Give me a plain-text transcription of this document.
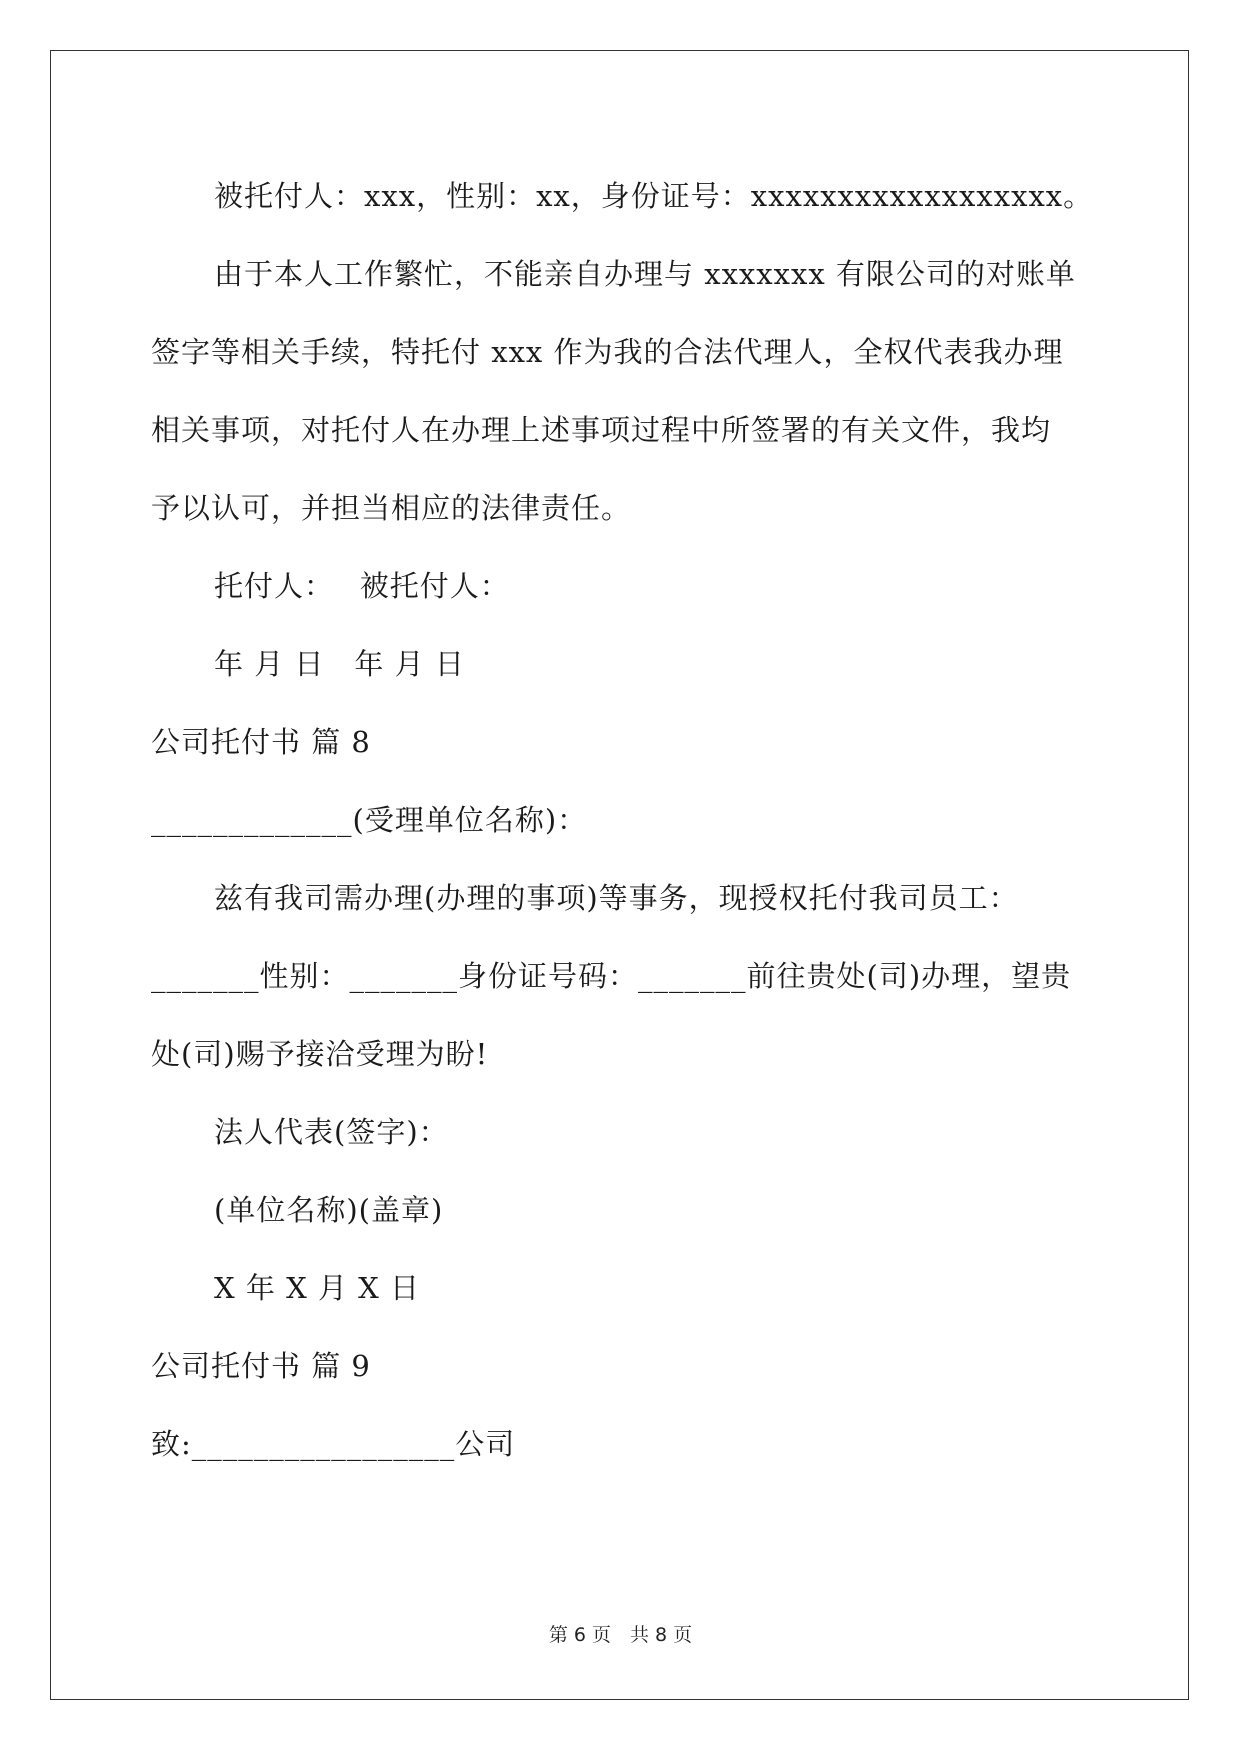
被托付人：xxx，性别：xx，身份证号：xxxxxxxxxxxxxxxxxx。
由于本人工作繁忙，不能亲自办理与 xxxxxxx 有限公司的对账单
签字等相关手续，特托付 xxx 作为我的合法代理人，全权代表我办理
相关事项，对托付人在办理上述事项过程中所签署的有关文件，我均
予以认可，并担当相应的法律责任。
托付人：　 被托付人：
年 月 日　年 月 日
公司托付书 篇 8
_____________(受理单位名称)：
兹有我司需办理(办理的事项)等事务，现授权托付我司员工：
_______性别：_______身份证号码：_______前往贵处(司)办理，望贵
处(司)赐予接洽受理为盼!
法人代表(签字)：
(单位名称)(盖章)
X 年 X 月 X 日
公司托付书 篇 9
致:_________________公司
第 6 页　共 8 页
